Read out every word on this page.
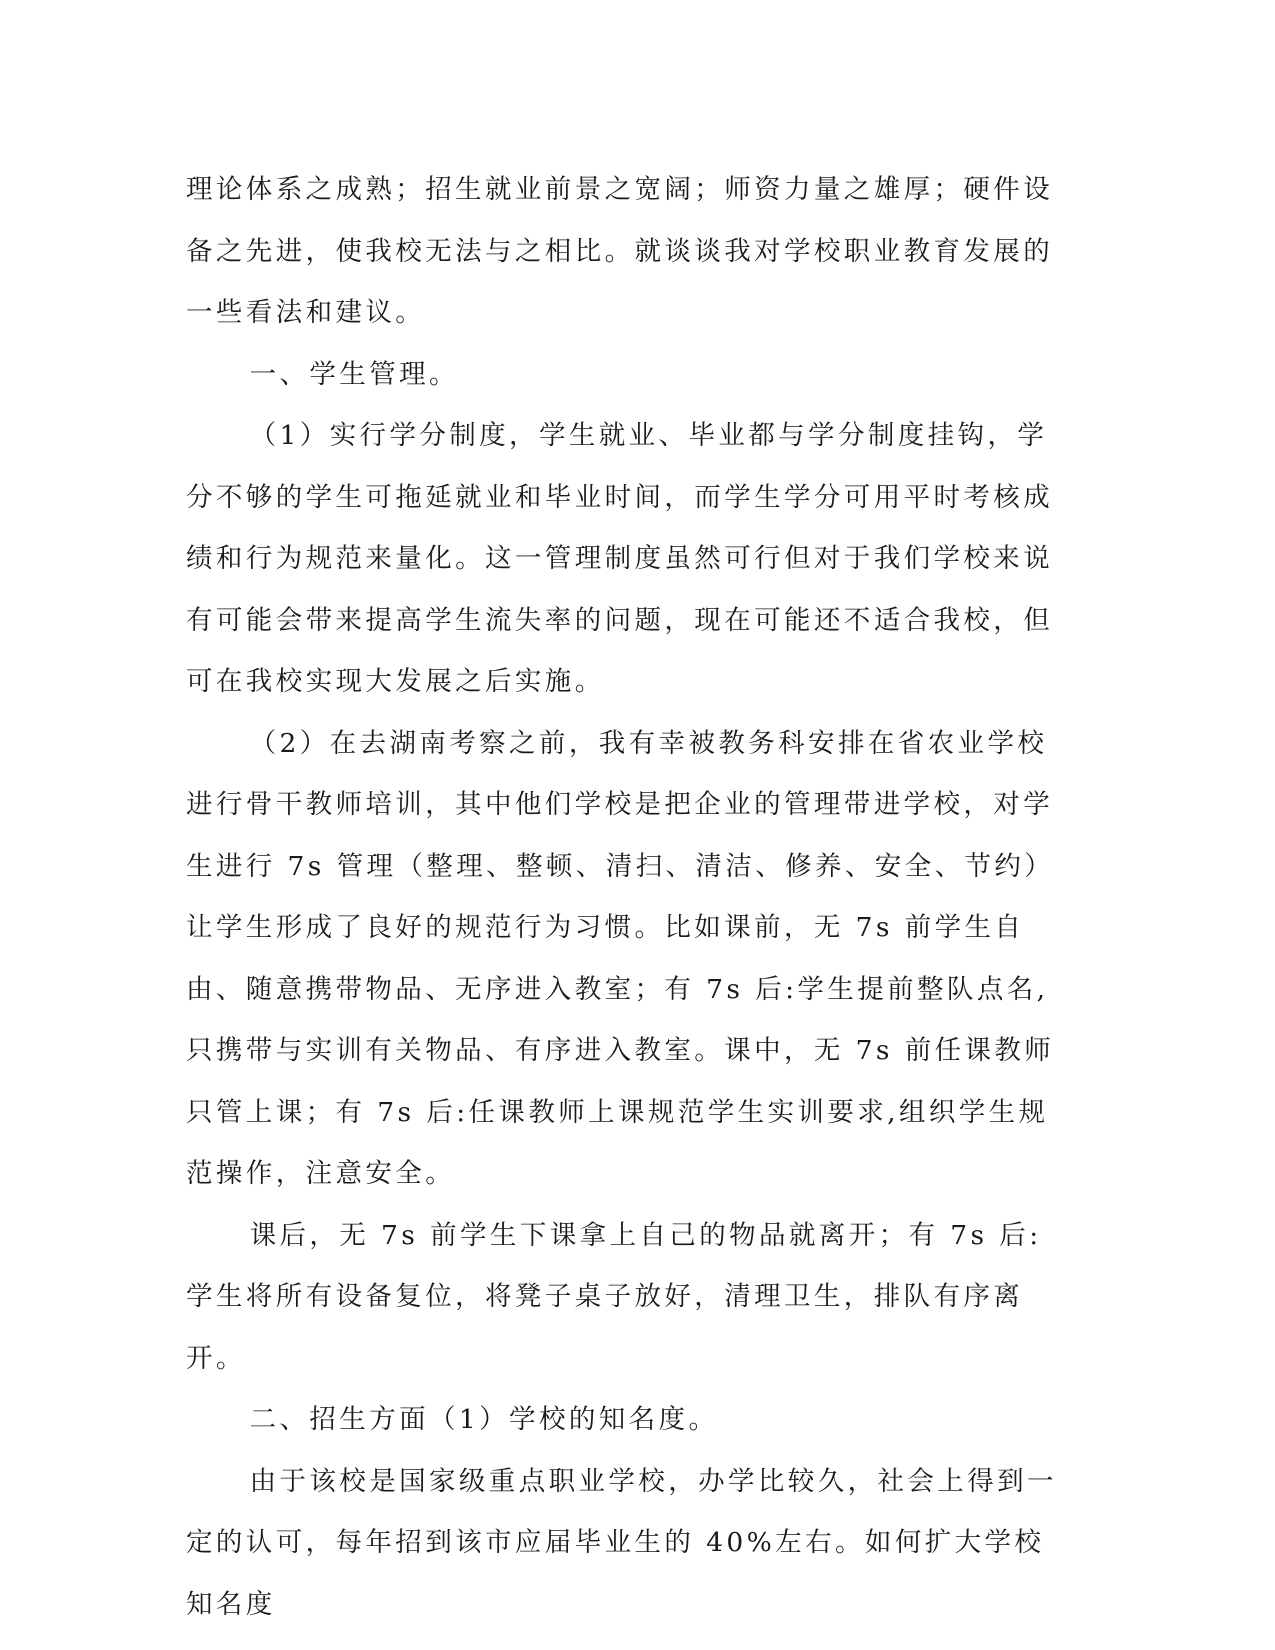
理论体系之成熟；招生就业前景之宽阔；师资力量之雄厚；硬件设备之先进，使我校无法与之相比。就谈谈我对学校职业教育发展的一些看法和建议。

一、学生管理。

（1）实行学分制度，学生就业、毕业都与学分制度挂钩，学分不够的学生可拖延就业和毕业时间，而学生学分可用平时考核成绩和行为规范来量化。这一管理制度虽然可行但对于我们学校来说有可能会带来提高学生流失率的问题，现在可能还不适合我校，但可在我校实现大发展之后实施。

（2）在去湖南考察之前，我有幸被教务科安排在省农业学校进行骨干教师培训，其中他们学校是把企业的管理带进学校，对学生进行 7s 管理（整理、整顿、清扫、清洁、修养、安全、节约）让学生形成了良好的规范行为习惯。比如课前，无 7s 前学生自由、随意携带物品、无序进入教室；有 7s 后:学生提前整队点名,只携带与实训有关物品、有序进入教室。课中，无 7s 前任课教师只管上课；有 7s 后:任课教师上课规范学生实训要求,组织学生规范操作，注意安全。

课后，无 7s 前学生下课拿上自己的物品就离开；有 7s 后:学生将所有设备复位，将凳子桌子放好，清理卫生，排队有序离开。

二、招生方面（1）学校的知名度。

由于该校是国家级重点职业学校，办学比较久，社会上得到一定的认可，每年招到该市应届毕业生的 40%左右。如何扩大学校知名度
